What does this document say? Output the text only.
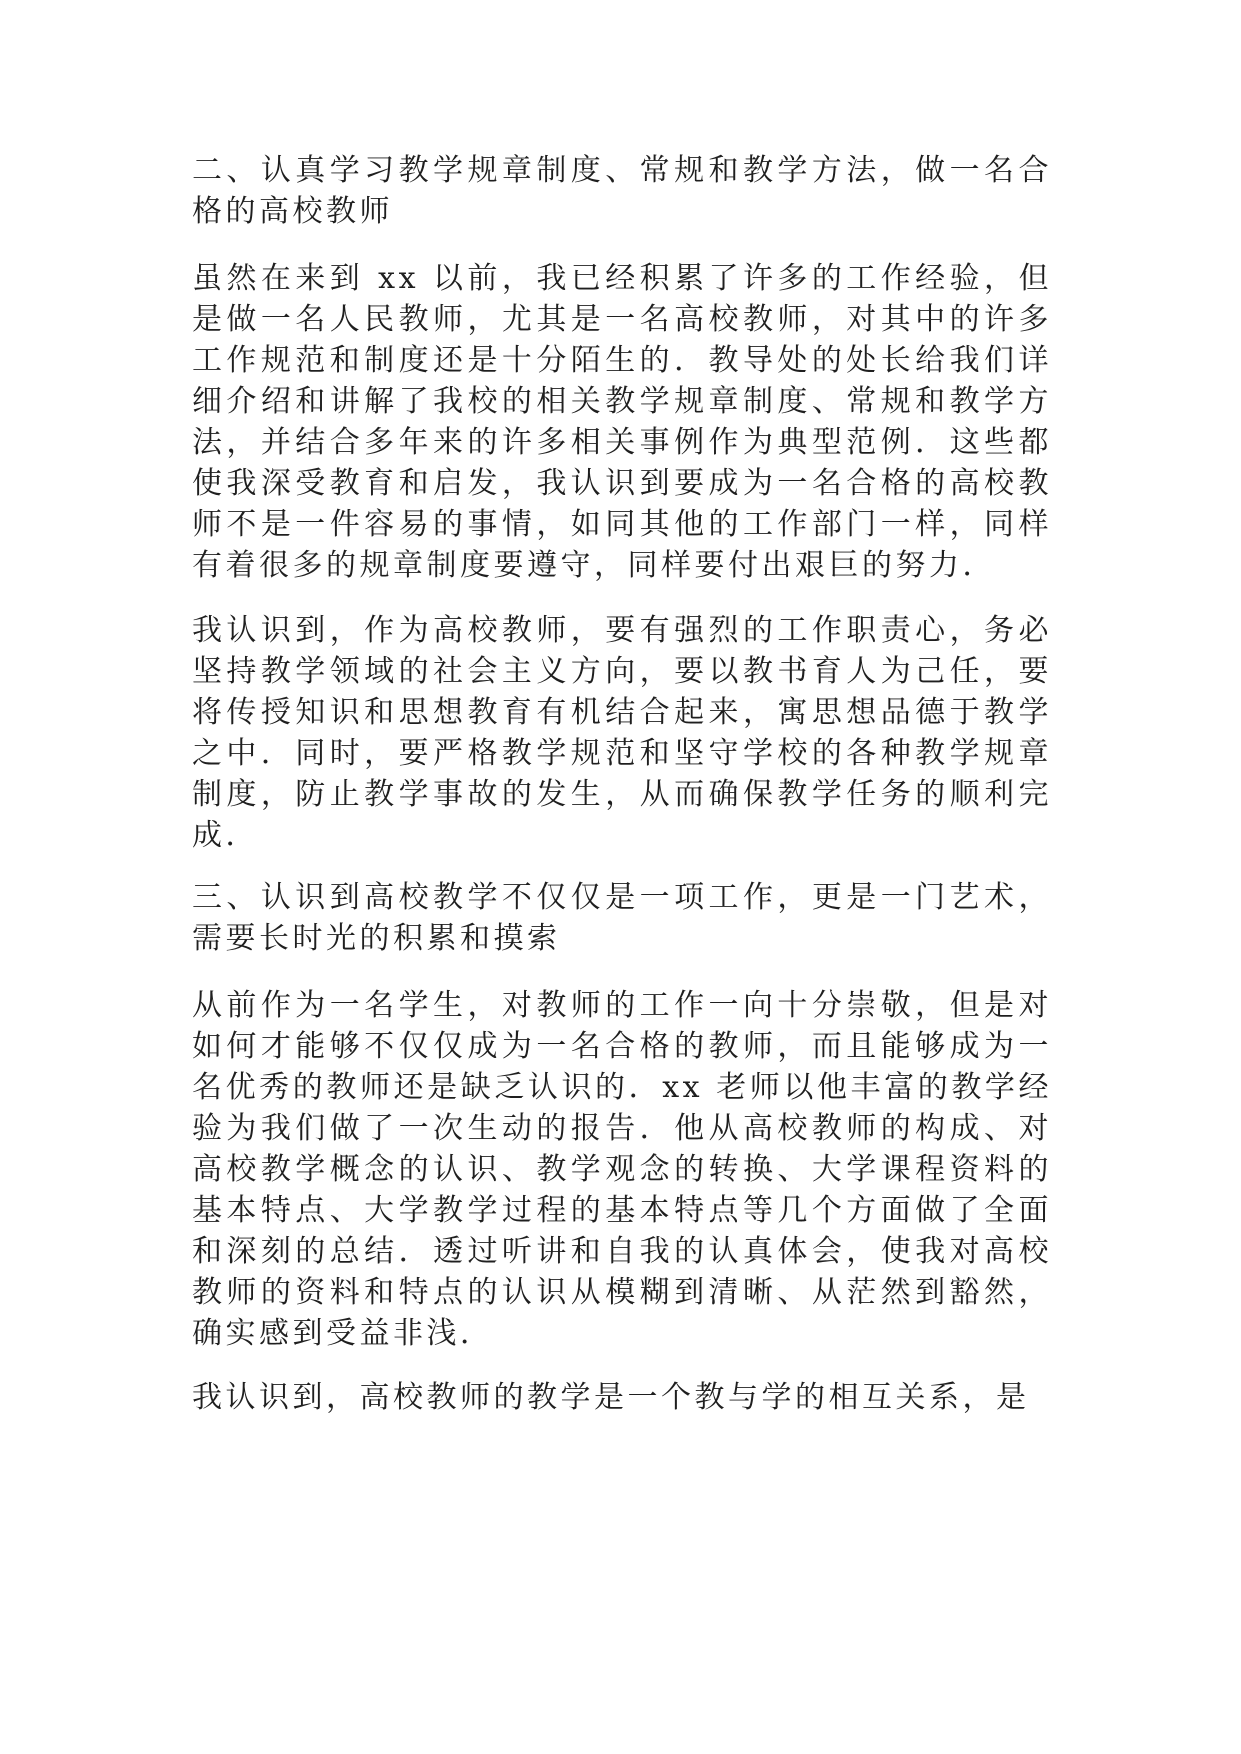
二、认真学习教学规章制度、常规和教学方法，做一名合格的高校教师

虽然在来到 xx 以前，我已经积累了许多的工作经验，但是做一名人民教师，尤其是一名高校教师，对其中的许多工作规范和制度还是十分陌生的．教导处的处长给我们详细介绍和讲解了我校的相关教学规章制度、常规和教学方法，并结合多年来的许多相关事例作为典型范例．这些都使我深受教育和启发，我认识到要成为一名合格的高校教师不是一件容易的事情，如同其他的工作部门一样，同样有着很多的规章制度要遵守，同样要付出艰巨的努力．

我认识到，作为高校教师，要有强烈的工作职责心，务必坚持教学领域的社会主义方向，要以教书育人为己任，要将传授知识和思想教育有机结合起来，寓思想品德于教学之中．同时，要严格教学规范和坚守学校的各种教学规章制度，防止教学事故的发生，从而确保教学任务的顺利完成．

三、认识到高校教学不仅仅是一项工作，更是一门艺术，需要长时光的积累和摸索

从前作为一名学生，对教师的工作一向十分崇敬，但是对如何才能够不仅仅成为一名合格的教师，而且能够成为一名优秀的教师还是缺乏认识的．xx 老师以他丰富的教学经验为我们做了一次生动的报告．他从高校教师的构成、对高校教学概念的认识、教学观念的转换、大学课程资料的基本特点、大学教学过程的基本特点等几个方面做了全面和深刻的总结．透过听讲和自我的认真体会，使我对高校教师的资料和特点的认识从模糊到清晰、从茫然到豁然，确实感到受益非浅．

我认识到，高校教师的教学是一个教与学的相互关系，是
